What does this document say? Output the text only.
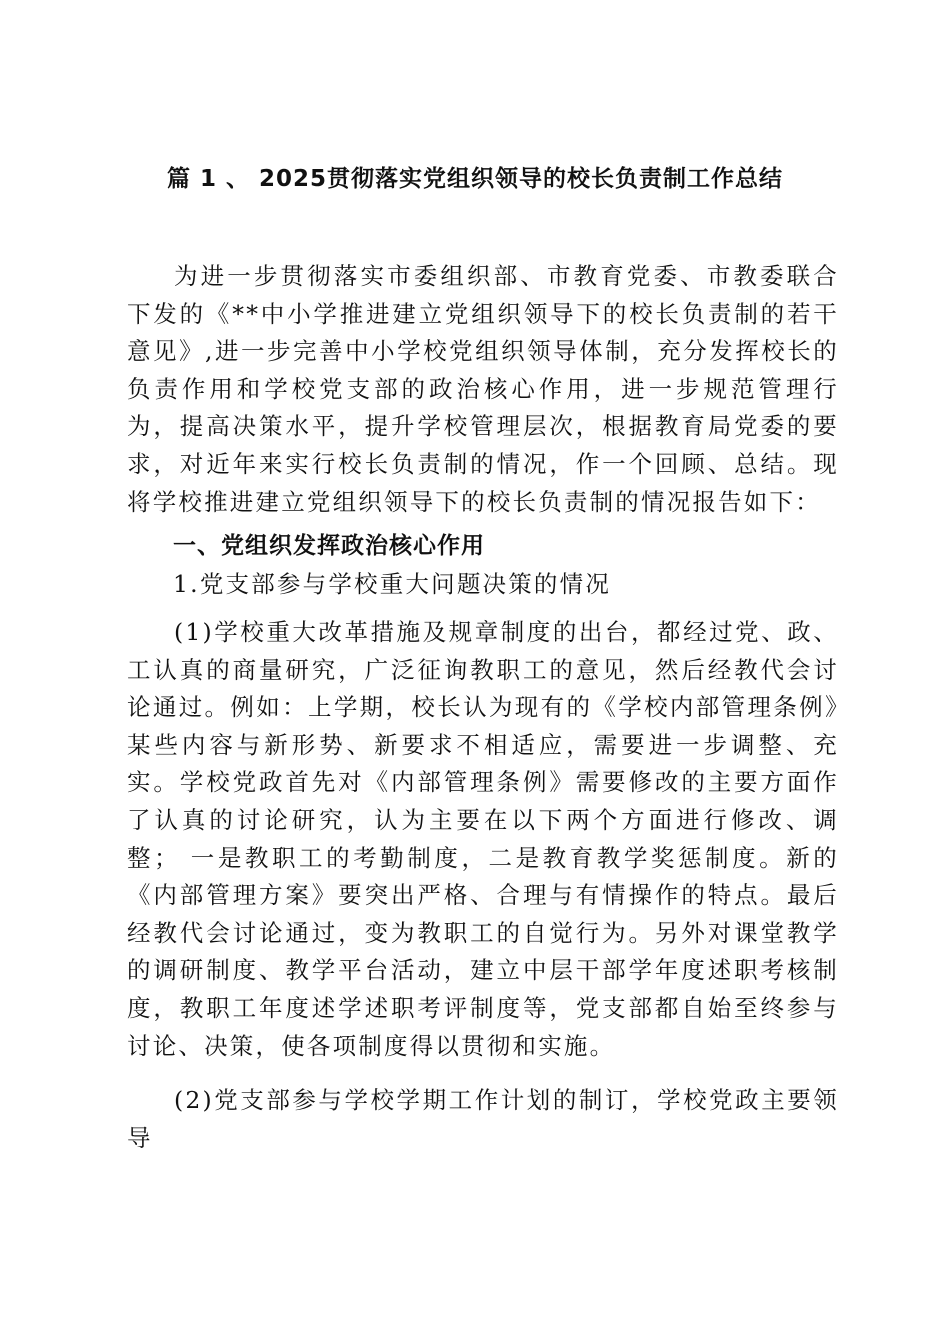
篇 1 、 2025贯彻落实党组织领导的校长负责制工作总结

为进一步贯彻落实市委组织部、市教育党委、市教委联合下发的《**中小学推进建立党组织领导下的校长负责制的若干意见》,进一步完善中小学校党组织领导体制，充分发挥校长的负责作用和学校党支部的政治核心作用，进一步规范管理行为，提高决策水平，提升学校管理层次，根据教育局党委的要求，对近年来实行校长负责制的情况，作一个回顾、总结。现将学校推进建立党组织领导下的校长负责制的情况报告如下：

一、党组织发挥政治核心作用
1.党支部参与学校重大问题决策的情况

(1)学校重大改革措施及规章制度的出台，都经过党、政、工认真的商量研究，广泛征询教职工的意见，然后经教代会讨论通过。例如：上学期，校长认为现有的《学校内部管理条例》某些内容与新形势、新要求不相适应，需要进一步调整、充实。学校党政首先对《内部管理条例》需要修改的主要方面作了认真的讨论研究，认为主要在以下两个方面进行修改、调整； 一是教职工的考勤制度，二是教育教学奖惩制度。新的《内部管理方案》要突出严格、合理与有情操作的特点。最后经教代会讨论通过，变为教职工的自觉行为。另外对课堂教学的调研制度、教学平台活动，建立中层干部学年度述职考核制度，教职工年度述学述职考评制度等，党支部都自始至终参与讨论、决策，使各项制度得以贯彻和实施。

(2)党支部参与学校学期工作计划的制订，学校党政主要领导
